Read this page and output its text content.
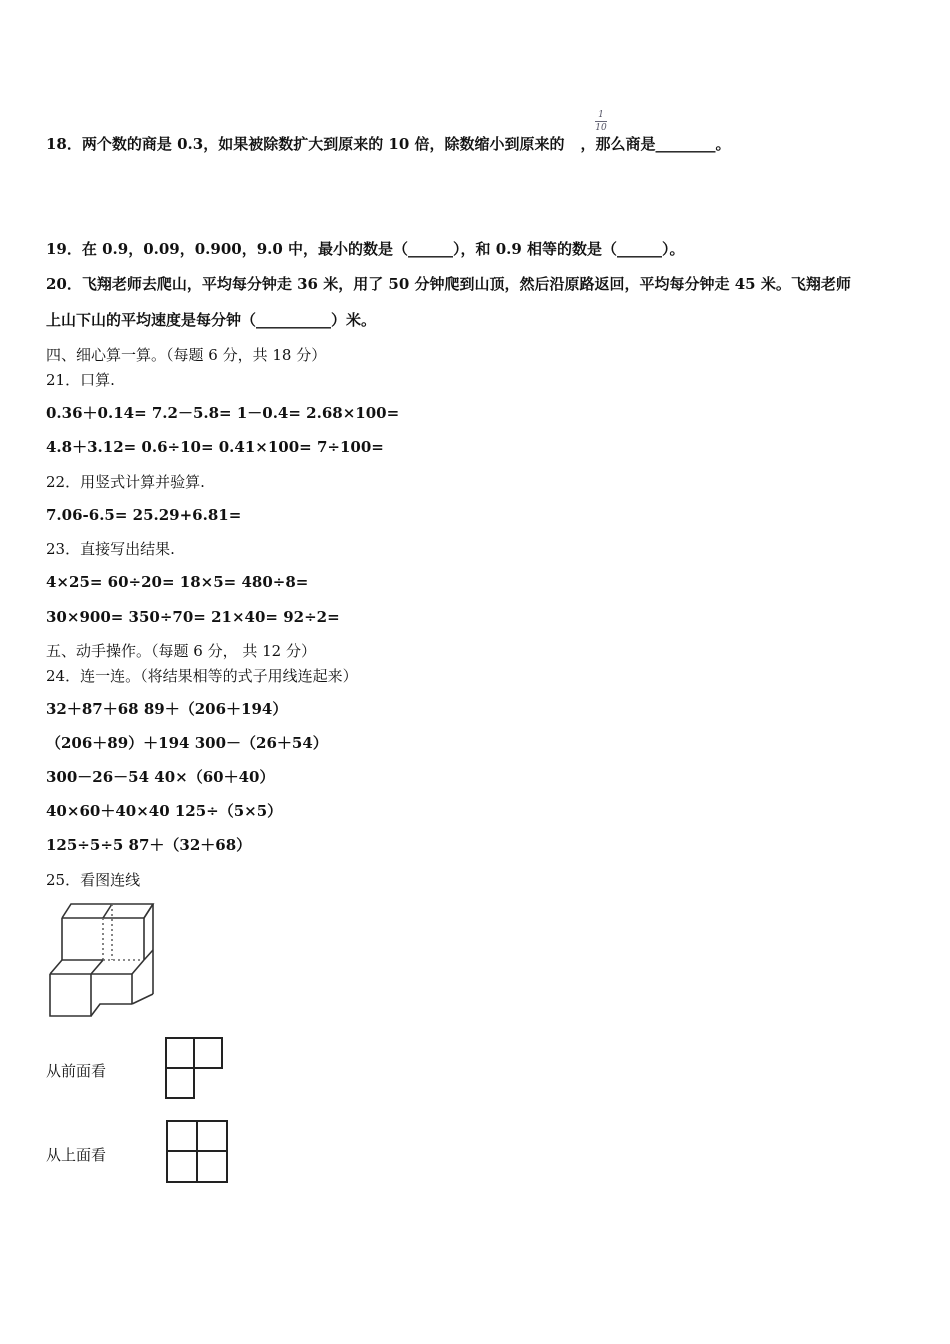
18．两个数的商是 0.3，如果被除数扩大到原来的 10 倍，除数缩小到原来的 ，那么商是________。
1
10
19．在 0.9，0.09，0.900，9.0 中，最小的数是（______），和 0.9 相等的数是（______）。
20．飞翔老师去爬山，平均每分钟走 36 米，用了 50 分钟爬到山顶，然后沿原路返回，平均每分钟走 45 米。飞翔老师
上山下山的平均速度是每分钟（__________）米。
四、细心算一算。（每题 6 分，共 18 分）
21．口算.
0.36＋0.14= 7.2－5.8= 1－0.4= 2.68×100=
4.8＋3.12= 0.6÷10= 0.41×100= 7÷100=
22．用竖式计算并验算.
7.06-6.5= 25.29+6.81=
23．直接写出结果.
4×25= 60÷20= 18×5= 480÷8=
30×900= 350÷70= 21×40= 92÷2=
五、动手操作。（每题 6 分， 共 12 分）
24．连一连。（将结果相等的式子用线连起来）
32＋87＋68 89＋（206＋194）
（206＋89）＋194 300－（26＋54）
300－26－54 40×（60＋40）
40×60＋40×40 125÷（5×5）
125÷5÷5 87＋（32＋68）
25．看图连线
从前面看
从上面看
